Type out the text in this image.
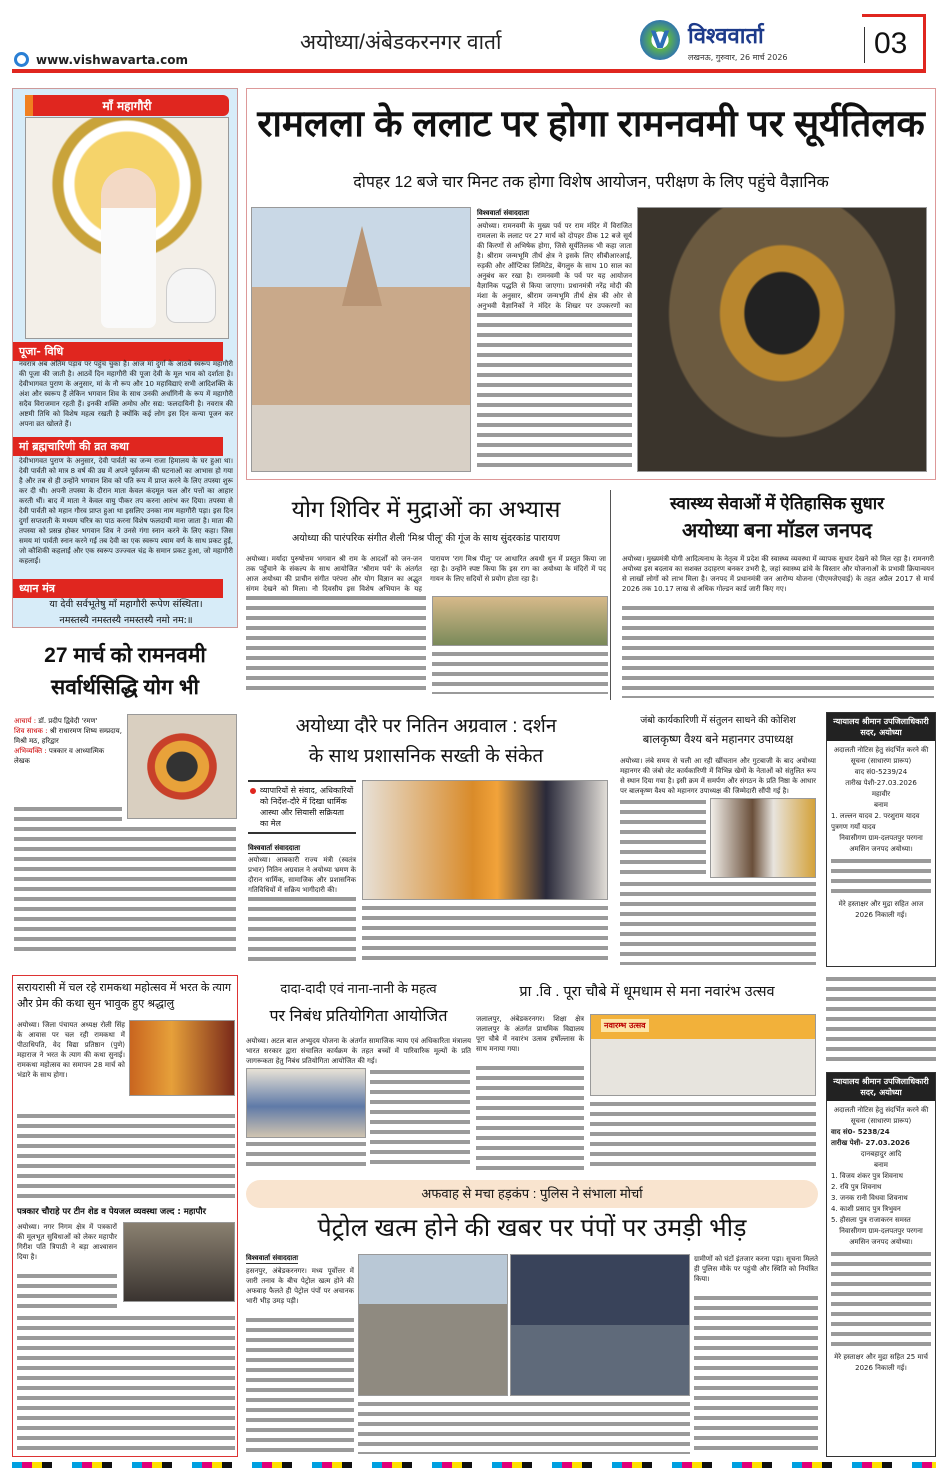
अयोध्या/अंबेडकरनगर वार्ता
www.vishwavarta.com
V विश्ववार्ता
लखनऊ, गुरुवार, 26 मार्च 2026	03
माँ महागौरी
पूजा- विधि
नवरात्र अब अंतिम पड़ाव पर पहुंच चुका है। आज मां दुर्गा के आठवें स्वरूप महागौरी की पूजा की जाती है। आठवें दिन महागौरी की पूजा देवी के मूल भाव को दर्शाता है। देवीभागवत पुराण के अनुसार, मां के नौ रूप और 10 महाविद्याएं सभी आदिशक्ति के अंश और स्वरूप हैं लेकिन भगवान शिव के साथ उनकी अर्धांगिनी के रूप में महागौरी सदैव विराजमान रहती हैं। इनकी शक्ति अमोघ और सद्य: फलदायिनी है। नवरात्र की अष्टमी तिथि को विशेष महत्व रखती है क्योंकि कई लोग इस दिन कन्या पूजन कर अपना व्रत खोलते हैं।
मां ब्रह्मचारिणी की व्रत कथा
देवीभागवत पुराण के अनुसार, देवी पार्वती का जन्म राजा हिमालय के घर हुआ था। देवी पार्वती को मात्र 8 वर्ष की उम्र में अपने पूर्वजन्म की घटनाओं का आभास हो गया है और तब से ही उन्होंने भगवान शिव को पति रूप में प्राप्त करने के लिए तपस्या शुरू कर दी थी। अपनी तपस्या के दौरान माता केवल कंदमूल फल और पत्तों का आहार करती थीं। बाद में माता ने केवल वायु पीकर तप करना आरंभ कर दिया। तपस्या से देवी पार्वती को महान गौरव प्राप्त हुआ था इसलिए उनका नाम महागौरी पड़ा। इस दिन दुर्गा सप्तशती के मध्यम चरित्र का पाठ करना विशेष फलदायी माना जाता है। माता की तपस्या को प्रसन्न होकर भगवान शिव ने उनसे गंगा स्नान करने के लिए कहा। जिस समय मां पार्वती स्नान करने गईं तब देवी का एक स्वरूप श्याम वर्ण के साथ प्रकट हुईं, जो कौशिकी कहलाईं और एक स्वरूप उज्ज्वल चंद्र के समान प्रकट हुआ, जो महागौरी कहलाईं।
ध्यान मंत्र
या देवी सर्वभूतेषु माँ महागौरी रूपेण संस्थिता।
नमस्तस्यै नमस्तस्यै नमस्तस्यै नमो नम:॥
27 मार्च को रामनवमी
सर्वार्थसिद्धि योग भी
आचार्य : डॉ. प्रदीप द्विवेदी 'रमण'
शिव साधक : श्री राधारमण शिष्य सम्प्रदाय, मिश्री मठ, हरिद्वार
अभिव्यक्ति : पत्रकार व आध्यात्मिक लेखक
रामलला के ललाट पर होगा रामनवमी पर सूर्यतिलक
दोपहर 12 बजे चार मिनट तक होगा विशेष आयोजन, परीक्षण के लिए पहुंचे वैज्ञानिक
विश्ववार्ता संवाददाता
अयोध्या। रामनवमी के मुख्य पर्व पर राम मंदिर में विराजित रामलला के ललाट पर 27 मार्च को दोपहर ठीक 12 बजे सूर्य की किरणों से अभिषेक होगा, जिसे सूर्यतिलक भी कहा जाता है। श्रीराम जन्मभूमि तीर्थ क्षेत्र ने इसके लिए सीबीआरआई, रुड़की और ऑप्टिका लिमिटेड, बेंगलुरु के साथ 10 साल का अनुबंध कर रखा है। रामनवमी के पर्व पर यह आयोजन वैज्ञानिक पद्धति से किया जाएगा। प्रधानमंत्री नरेंद्र मोदी की मंशा के अनुसार, श्रीराम जन्मभूमि तीर्थ क्षेत्र की ओर से अनुभवी वैज्ञानिकों ने मंदिर के शिखर पर उपकरणों का
योग शिविर में मुद्राओं का अभ्यास
अयोध्या की पारंपरिक संगीत शैली 'मिश्र पीलू' की गूंज के साथ सुंदरकांड पारायण
अयोध्या। मर्यादा पुरुषोत्तम भगवान श्री राम के आदर्शों को जन-जन तक पहुँचाने के संकल्प के साथ आयोजित 'श्रीराम पर्व' के अंतर्गत आज अयोध्या की प्राचीन संगीत परंपरा और योग विज्ञान का अद्भुत संगम देखने को मिला। नौ दिवसीय इस विशेष अभियान के यह पारायण 'राग मिश्र पीलू' पर आधारित अवधी धुन में प्रस्तुत किया जा रहा है। उन्होंने स्पष्ट किया कि इस राग का अयोध्या के मंदिरों में पद गायन के लिए सदियों से प्रयोग होता रहा है।
स्वास्थ्य सेवाओं में ऐतिहासिक सुधार
अयोध्या बना मॉडल जनपद
अयोध्या। मुख्यमंत्री योगी आदित्यनाथ के नेतृत्व में प्रदेश की स्वास्थ्य व्यवस्था में व्यापक सुधार देखने को मिल रहा है। रामनगरी अयोध्या इस बदलाव का सशक्त उदाहरण बनकर उभरी है, जहां स्वास्थ्य ढांचे के विस्तार और योजनाओं के प्रभावी क्रियान्वयन से लाखों लोगों को लाभ मिला है। जनपद में प्रधानमंत्री जन आरोग्य योजना (पीएमजेएवाई) के तहत अप्रैल 2017 से मार्च 2026 तक 10.17 लाख से अधिक गोल्डन कार्ड जारी किए गए।
अयोध्या दौरे पर नितिन अग्रवाल : दर्शन
के साथ प्रशासनिक सख्ती के संकेत
व्यापारियों से संवाद, अधिकारियों को निर्देश-दौरे में दिखा धार्मिक आस्था और सियासी सक्रियता का मेल
विश्ववार्ता संवाददाता
अयोध्या। आबकारी राज्य मंत्री (स्वतंत्र प्रभार) नितिन अग्रवाल ने अयोध्या भ्रमण के दौरान धार्मिक, सामाजिक और प्रशासनिक गतिविधियों में सक्रिय भागीदारी की।
जंबो कार्यकारिणी में संतुलन साधने की कोशिश
बालकृष्ण वैश्य बने महानगर उपाध्यक्ष
अयोध्या। लंबे समय से चली आ रही खींचतान और गुटबाजी के बाद अयोध्या महानगर की जंबो जेट कार्यकारिणी में विभिन्न खेमों के नेताओं को संतुलित रूप से स्थान दिया गया है। इसी क्रम में समर्पण और संगठन के प्रति निष्ठा के आधार पर बालकृष्ण वैश्य को महानगर उपाध्यक्ष की जिम्मेदारी सौंपी गई है।
न्यायालय श्रीमान उपजिलाधिकारी सदर, अयोध्या
अदालती नोटिस हेतु संदर्भित करने की सूचना (साधारण प्रारूप)
वाद सं0-5239/24
तारीख पेशी-27.03.2026
महावीर
बनाम
1. लल्लन यादव 2. परशुराम यादव पुत्रगण गयाँ यादव
निवासीगण ग्राम-दलपतपुर परगना अमसिन जनपद अयोध्या।
मेरे हस्ताक्षर और मुद्रा सहित आज 2026 निकाली गई।
न्यायालय श्रीमान उपजिलाधिकारी सदर, अयोध्या
अदालती नोटिस हेतु संदर्भित करने की सूचना (साधारण प्रारूप)
वाद सं0- 5238/24
तारीख पेशी- 27.03.2026
दानबहादुर आदि
बनाम
1. विजय शंकर पुत्र शिवनाथ
2. रवि पुत्र शिवनाथ
3. जनक रानी विधवा शिवनाथ
4. काशी प्रसाद पुत्र त्रिभुवन
5. हौसला पुत्र राजाकरन समस्त
निवासीगण ग्राम-दलपतपुर परगना अमसिन जनपद अयोध्या।
मेरे हस्ताक्षर और मुद्रा सहित 25 मार्च 2026 निकाली गई।
सरायरासी में चल रहे रामकथा महोत्सव में भरत के त्याग और प्रेम की कथा सुन भावुक हुए श्रद्धालु
अयोध्या। जिला पंचायत अध्यक्ष रोली सिंह के आवास पर चल रही रामकथा में पीठाधिपति, वेद विद्या प्रतिष्ठान (पुणे) महाराज ने भरत के त्याग की कथा सुनाई। रामकथा महोत्सव का समापन 28 मार्च को भंडारे के साथ होगा।
पत्रकार चौराहे पर टीन शेड व पेयजल व्यवस्था जल्द : महापौर
अयोध्या। नगर निगम क्षेत्र में पत्रकारों की मूलभूत सुविधाओं को लेकर महापौर गिरीश पति त्रिपाठी ने बड़ा आश्वासन दिया है।
दादा-दादी एवं नाना-नानी के महत्व
पर निबंध प्रतियोगिता आयोजित
अयोध्या। अटल बाल अभ्युदय योजना के अंतर्गत सामाजिक न्याय एवं अधिकारिता मंत्रालय भारत सरकार द्वारा संचालित कार्यक्रम के तहत बच्चों में पारिवारिक मूल्यों के प्रति जागरूकता हेतु निबंध प्रतियोगिता आयोजित की गई।
प्रा .वि . पूरा चौबे में धूमधाम से मना नवारंभ उत्सव
जलालपुर, अंबेडकरनगर। शिक्षा क्षेत्र जलालपुर के अंतर्गत प्राथमिक विद्यालय पूरा चौबे में नवारंभ उत्सव हर्षोल्लास के साथ मनाया गया।
नवारम्भ उत्सव
अफवाह से मचा हड़कंप : पुलिस ने संभाला मोर्चा
पेट्रोल खत्म होने की खबर पर पंपों पर उमड़ी भीड़
विश्ववार्ता संवाददाता
हसनपुर, अंबेडकरनगर। मध्य पूर्वोत्तर में जारी तनाव के बीच पेट्रोल खत्म होने की अफवाह फैलते ही पेट्रोल पंपों पर अचानक भारी भीड़ उमड़ पड़ी।
ग्रामीणों को घंटों इंतजार करना पड़ा। सूचना मिलते ही पुलिस मौके पर पहुंची और स्थिति को नियंत्रित किया।
